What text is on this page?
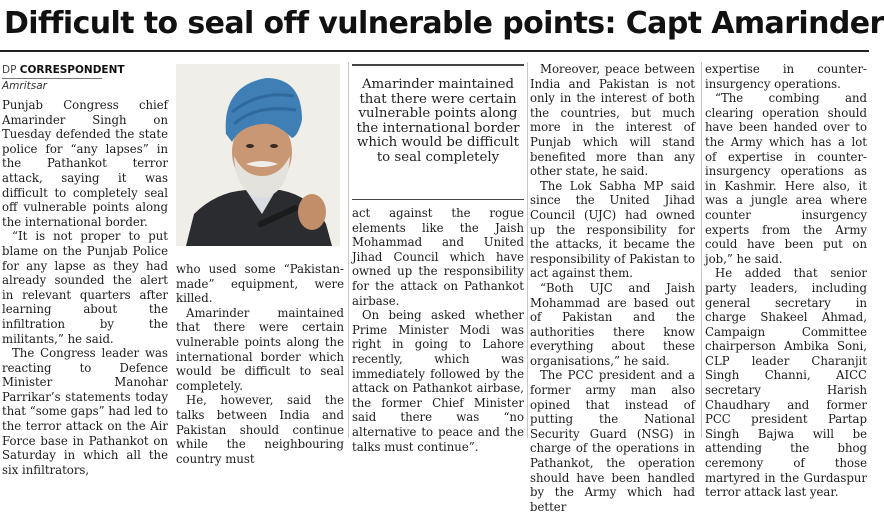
Difficult to seal off vulnerable points: Capt Amarinder
DP CORRESPONDENT
Amritsar

Punjab Congress chief Amarinder Singh on Tuesday defended the state police for “any lapses” in the Pathankot terror attack, saying it was difficult to completely seal off vulnerable points along the international border.

“It is not proper to put blame on the Punjab Police for any lapse as they had already sounded the alert in relevant quarters after learning about the infiltration by the militants,” he said.

The Congress leader was reacting to Defence Minister Manohar Parrikar’s statements today that “some gaps” had led to the terror attack on the Air Force base in Pathankot on Saturday in which all the six infiltrators,

Amarinder maintained that there were certain vulnerable points along the international border which would be difficult to seal completely

who used some “Pakistan-made” equipment, were killed.

Amarinder maintained that there were certain vulnerable points along the international border which would be difficult to seal completely.

He, however, said the talks between India and Pakistan should continue while the neighbouring country must

act against the rogue elements like the Jaish Mohammad and United Jihad Council which have owned up the responsibility for the attack on Pathankot airbase.

On being asked whether Prime Minister Modi was right in going to Lahore recently, which was immediately followed by the attack on Pathankot airbase, the former Chief Minister said there was “no alternative to peace and the talks must continue”.

Moreover, peace between India and Pakistan is not only in the interest of both the countries, but much more in the interest of Punjab which will stand benefited more than any other state, he said.

The Lok Sabha MP said since the United Jihad Council (UJC) had owned up the responsibility for the attacks, it became the responsibility of Pakistan to act against them.

“Both UJC and Jaish Mohammad are based out of Pakistan and the authorities there know everything about these organisations,” he said.

The PCC president and a former army man also opined that instead of putting the National Security Guard (NSG) in charge of the operations in Pathankot, the operation should have been handled by the Army which had better

expertise in counter-insurgency operations.

“The combing and clearing operation should have been handed over to the Army which has a lot of expertise in counter-insurgency operations as in Kashmir. Here also, it was a jungle area where counter insurgency experts from the Army could have been put on job,” he said.

He added that senior party leaders, including general secretary in charge Shakeel Ahmad, Campaign Committee chairperson Ambika Soni, CLP leader Charanjit Singh Channi, AICC secretary Harish Chaudhary and former PCC president Partap Singh Bajwa will be attending the bhog ceremony of those martyred in the Gurdaspur terror attack last year.
